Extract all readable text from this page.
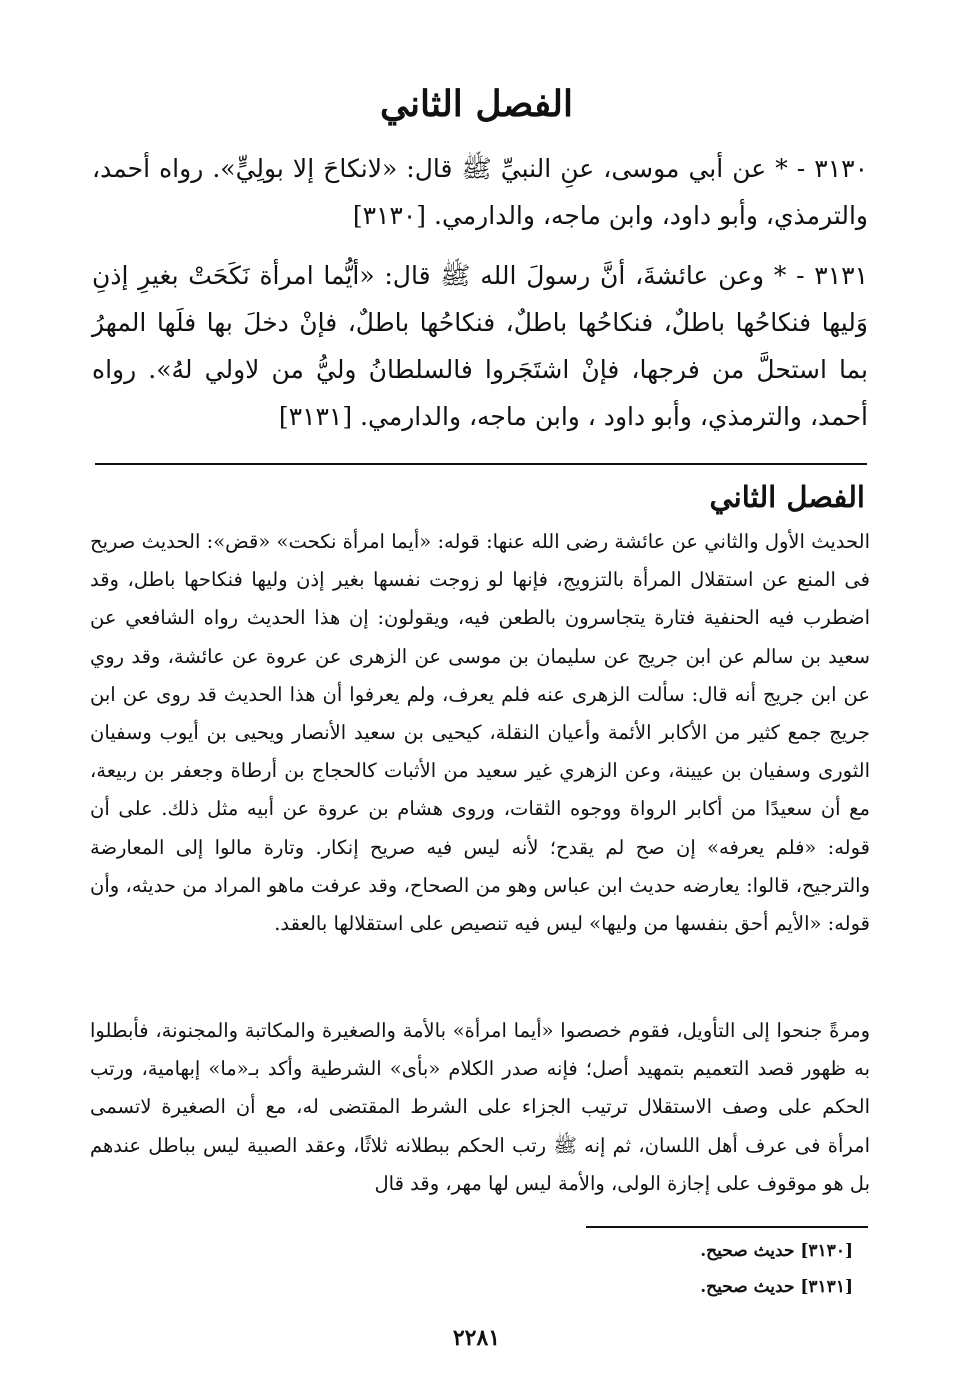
الفصل الثاني
٣١٣٠ - * عن أبي موسى، عنِ النبيِّ ﷺ قال: «لانكاحَ إلا بولِيٍّ». رواه أحمد، والترمذي، وأبو داود، وابن ماجه، والدارمي. [٣١٣٠]
٣١٣١ - * وعن عائشةَ، أنَّ رسولَ الله ﷺ قال: «أيُّما امرأة نَكَحَتْ بغيرِ إذنِ وَليها فنكاحُها باطلٌ، فنكاحُها باطلٌ، فنكاحُها باطلٌ، فإنْ دخلَ بها فلَها المهرُ بما استحلَّ من فرجها، فإنْ اشتَجَروا فالسلطانُ وليُّ من لاولي لهُ». رواه أحمد، والترمذي، وأبو داود ، وابن ماجه، والدارمي. [٣١٣١]
الفصل الثاني
الحديث الأول والثاني عن عائشة رضى الله عنها: قوله: «أيما امرأة نكحت» «قض»: الحديث صريح فى المنع عن استقلال المرأة بالتزويج، فإنها لو زوجت نفسها بغير إذن وليها فنكاحها باطل، وقد اضطرب فيه الحنفية فتارة يتجاسرون بالطعن فيه، ويقولون: إن هذا الحديث رواه الشافعي عن سعيد بن سالم عن ابن جريج عن سليمان بن موسى عن الزهرى عن عروة عن عائشة، وقد روي عن ابن جريج أنه قال: سألت الزهرى عنه فلم يعرف، ولم يعرفوا أن هذا الحديث قد روى عن ابن جريج جمع كثير من الأكابر الأئمة وأعيان النقلة، كيحيى بن سعيد الأنصار ويحيى بن أيوب وسفيان الثورى وسفيان بن عيينة، وعن الزهري غير سعيد من الأثبات كالحجاج بن أرطاة وجعفر بن ربيعة، مع أن سعيدًا من أكابر الرواة ووجوه الثقات، وروى هشام بن عروة عن أبيه مثل ذلك. على أن قوله: «فلم يعرفه» إن صح لم يقدح؛ لأنه ليس فيه صريح إنكار. وتارة مالوا إلى المعارضة والترجيح، قالوا: يعارضه حديث ابن عباس وهو من الصحاح، وقد عرفت ماهو المراد من حديثه، وأن قوله: «الأيم أحق بنفسها من وليها» ليس فيه تنصيص على استقلالها بالعقد.
ومرةً جنحوا إلى التأويل، فقوم خصصوا «أيما امرأة» بالأمة والصغيرة والمكاتبة والمجنونة، فأبطلوا به ظهور قصد التعميم بتمهيد أصل؛ فإنه صدر الكلام «بأى» الشرطية وأكد بـ«ما» إبهامية، ورتب الحكم على وصف الاستقلال ترتيب الجزاء على الشرط المقتضى له، مع أن الصغيرة لاتسمى امرأة فى عرف أهل اللسان، ثم إنه ﷺ رتب الحكم ببطلانه ثلاثًا، وعقد الصبية ليس بباطل عندهم بل هو موقوف على إجازة الولى، والأمة ليس لها مهر، وقد قال
[٣١٣٠] حديث صحيح.
[٣١٣١] حديث صحيح.
٢٢٨١
